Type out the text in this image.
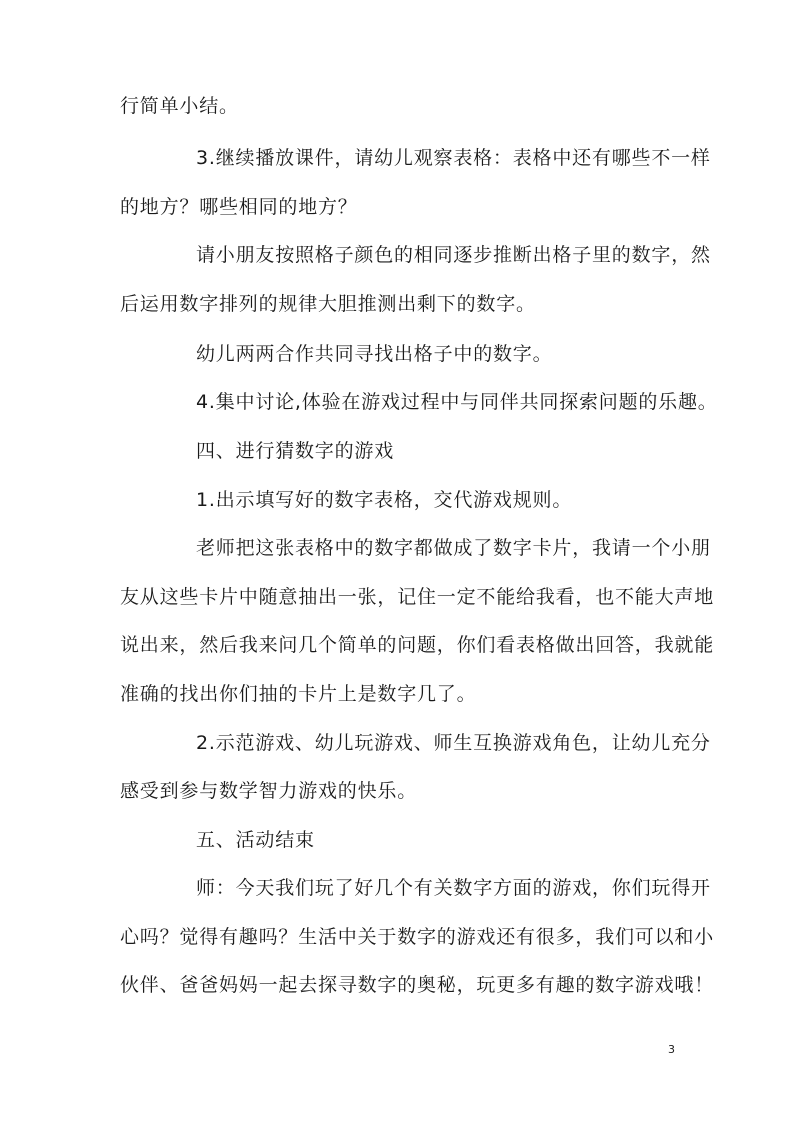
行简单小结。
3.继续播放课件，请幼儿观察表格：表格中还有哪些不一样
的地方？哪些相同的地方？
请小朋友按照格子颜色的相同逐步推断出格子里的数字，然
后运用数字排列的规律大胆推测出剩下的数字。
幼儿两两合作共同寻找出格子中的数字。
4.集中讨论,体验在游戏过程中与同伴共同探索问题的乐趣。
四、进行猜数字的游戏
1.出示填写好的数字表格，交代游戏规则。
老师把这张表格中的数字都做成了数字卡片，我请一个小朋
友从这些卡片中随意抽出一张，记住一定不能给我看，也不能大声地
说出来，然后我来问几个简单的问题，你们看表格做出回答，我就能
准确的找出你们抽的卡片上是数字几了。
2.示范游戏、幼儿玩游戏、师生互换游戏角色，让幼儿充分
感受到参与数学智力游戏的快乐。
五、活动结束
师：今天我们玩了好几个有关数字方面的游戏，你们玩得开
心吗？觉得有趣吗？生活中关于数字的游戏还有很多，我们可以和小
伙伴、爸爸妈妈一起去探寻数字的奥秘，玩更多有趣的数字游戏哦！
3
